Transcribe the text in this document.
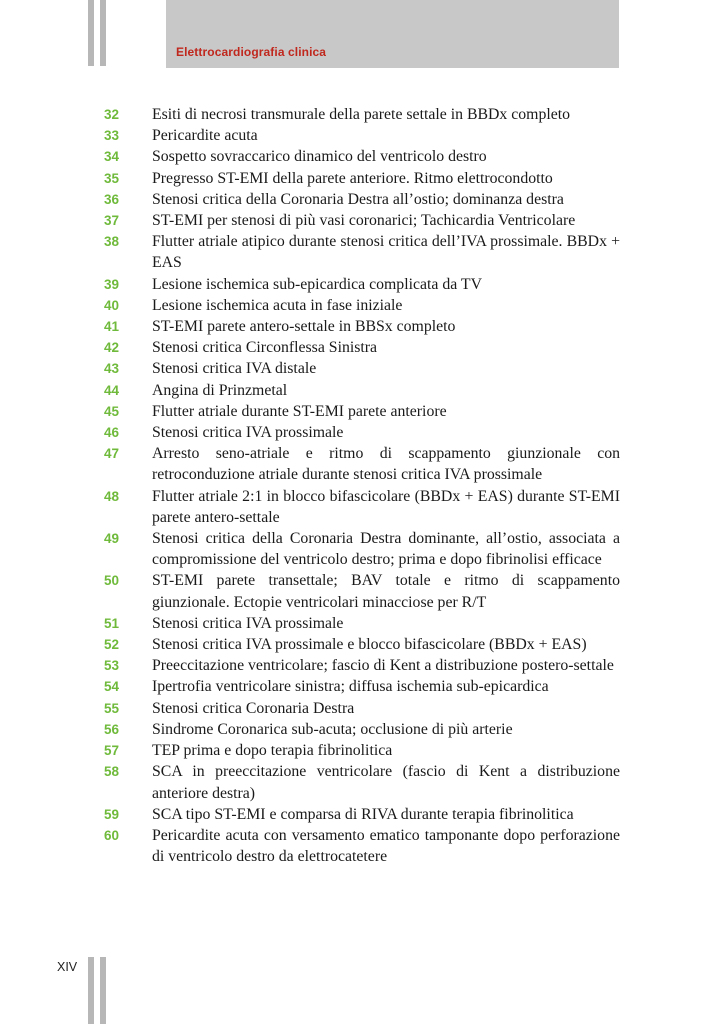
Elettrocardiografia clinica
32	Esiti di necrosi transmurale della parete settale in BBDx completo
33	Pericardite acuta
34	Sospetto sovraccarico dinamico del ventricolo destro
35	Pregresso ST-EMI della parete anteriore. Ritmo elettrocondotto
36	Stenosi critica della Coronaria Destra all’ostio; dominanza destra
37	ST-EMI per stenosi di più vasi coronarici; Tachicardia Ventricolare
38	Flutter atriale atipico durante stenosi critica dell’IVA prossimale. BBDx + EAS
39	Lesione ischemica sub-epicardica complicata da TV
40	Lesione ischemica acuta in fase iniziale
41	ST-EMI parete antero-settale in BBSx completo
42	Stenosi critica Circonflessa Sinistra
43	Stenosi critica IVA distale
44	Angina di Prinzmetal
45	Flutter atriale durante ST-EMI parete anteriore
46	Stenosi critica IVA prossimale
47	Arresto seno-atriale e ritmo di scappamento giunzionale con retroconduzione atriale durante stenosi critica IVA prossimale
48	Flutter atriale 2:1 in blocco bifascicolare (BBDx + EAS) durante ST-EMI parete antero-settale
49	Stenosi critica della Coronaria Destra dominante, all’ostio, associata a compromissione del ventricolo destro; prima e dopo fibrinolisi efficace
50	ST-EMI parete transettale; BAV totale e ritmo di scappamento giunzionale. Ectopie ventricolari minacciose per R/T
51	Stenosi critica IVA prossimale
52	Stenosi critica IVA prossimale e blocco bifascicolare (BBDx + EAS)
53	Preeccitazione ventricolare; fascio di Kent a distribuzione postero-settale
54	Ipertrofia ventricolare sinistra; diffusa ischemia sub-epicardica
55	Stenosi critica Coronaria Destra
56	Sindrome Coronarica sub-acuta; occlusione di più arterie
57	TEP prima e dopo terapia fibrinolitica
58	SCA in preeccitazione ventricolare (fascio di Kent a distribuzione anteriore destra)
59	SCA tipo ST-EMI e comparsa di RIVA durante terapia fibrinolitica
60	Pericardite acuta con versamento ematico tamponante dopo perforazione di ventricolo destro da elettrocatetere
XIV
